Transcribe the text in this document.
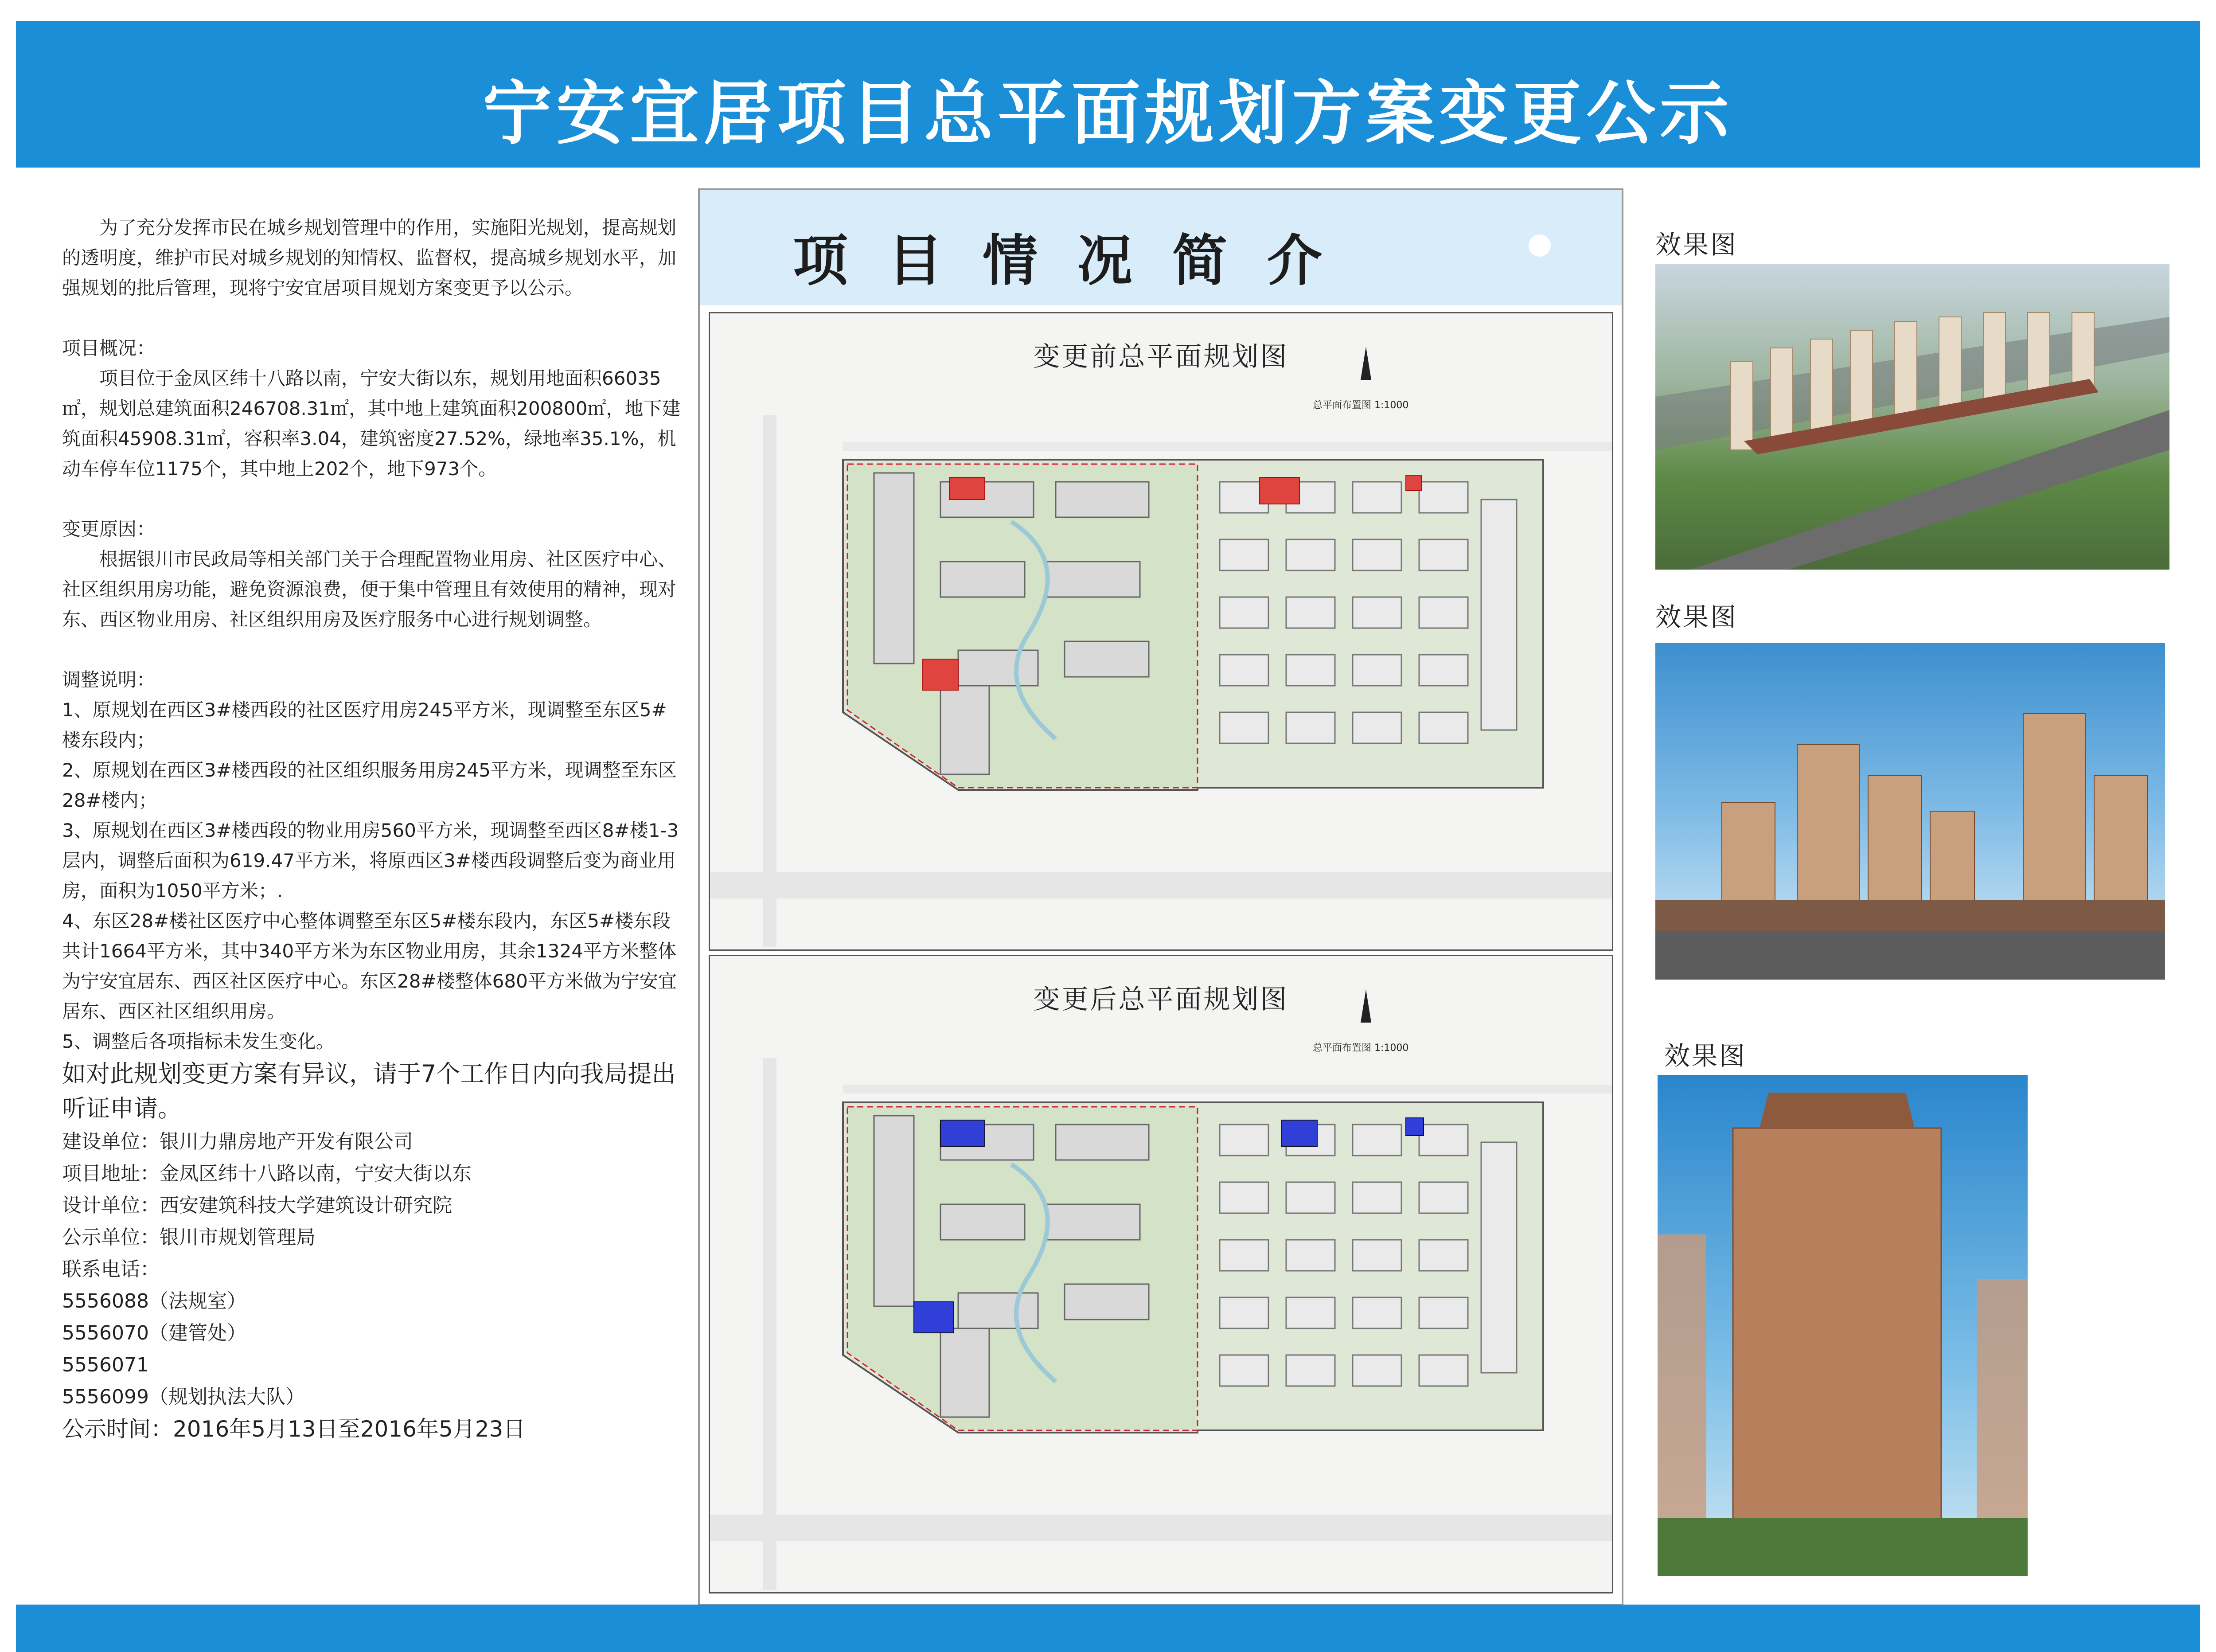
宁安宜居项目总平面规划方案变更公示

为了充分发挥市民在城乡规划管理中的作用，实施阳光规划，提高规划的透明度，维护市民对城乡规划的知情权、监督权，提高城乡规划水平，加强规划的批后管理，现将宁安宜居项目规划方案变更予以公示。

项目概况：

项目位于金凤区纬十八路以南，宁安大街以东，规划用地面积66035㎡，规划总建筑面积246708.31㎡，其中地上建筑面积200800㎡，地下建筑面积45908.31㎡，容积率3.04，建筑密度27.52%，绿地率35.1%，机动车停车位1175个，其中地上202个，地下973个。

变更原因：

根据银川市民政局等相关部门关于合理配置物业用房、社区医疗中心、社区组织用房功能，避免资源浪费，便于集中管理且有效使用的精神，现对东、西区物业用房、社区组织用房及医疗服务中心进行规划调整。

调整说明：

1、原规划在西区3#楼西段的社区医疗用房245平方米，现调整至东区5#楼东段内；

2、原规划在西区3#楼西段的社区组织服务用房245平方米，现调整至东区28#楼内；

3、原规划在西区3#楼西段的物业用房560平方米，现调整至西区8#楼1-3层内，调整后面积为619.47平方米，将原西区3#楼西段调整后变为商业用房，面积为1050平方米；.

4、东区28#楼社区医疗中心整体调整至东区5#楼东段内，东区5#楼东段共计1664平方米，其中340平方米为东区物业用房，其余1324平方米整体为宁安宜居东、西区社区医疗中心。东区28#楼整体680平方米做为宁安宜居东、西区社区组织用房。

5、调整后各项指标未发生变化。

如对此规划变更方案有异议，请于7个工作日内向我局提出听证申请。

建设单位：银川力鼎房地产开发有限公司

项目地址：金凤区纬十八路以南，宁安大街以东

设计单位：西安建筑科技大学建筑设计研究院

公示单位：银川市规划管理局

联系电话：

5556088（法规室）

5556070（建管处）

5556071

5556099（规划执法大队）

公示时间：2016年5月13日至2016年5月23日

项目情况简介
变更前总平面规划图
总平面布置图 1:1000
变更后总平面规划图
总平面布置图 1:1000
效果图
效果图
效果图
